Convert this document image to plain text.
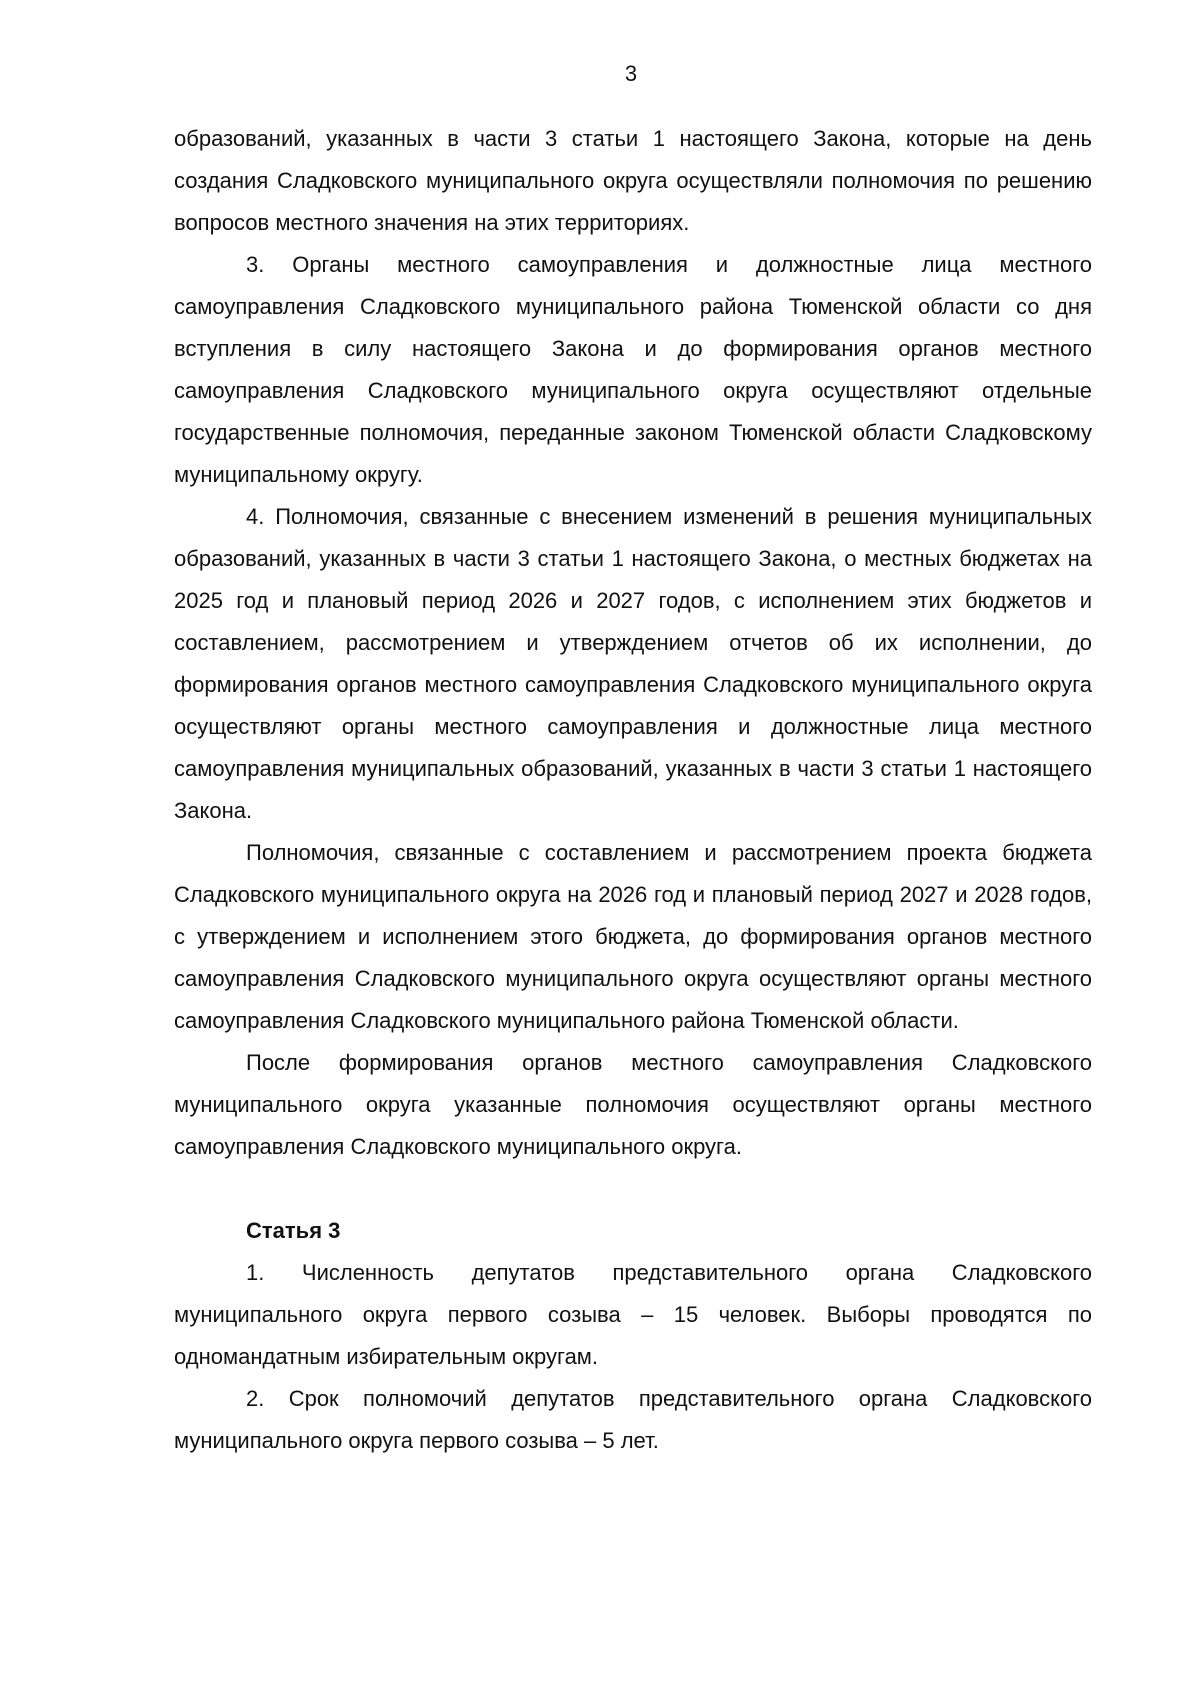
3

образований, указанных в части 3 статьи 1 настоящего Закона, которые на день создания Сладковского муниципального округа осуществляли полномочия по решению вопросов местного значения на этих территориях.

3. Органы местного самоуправления и должностные лица местного самоуправления Сладковского муниципального района Тюменской области со дня вступления в силу настоящего Закона и до формирования органов местного самоуправления Сладковского муниципального округа осуществляют отдельные государственные полномочия, переданные законом Тюменской области Сладковскому муниципальному округу.

4. Полномочия, связанные с внесением изменений в решения муниципальных образований, указанных в части 3 статьи 1 настоящего Закона, о местных бюджетах на 2025 год и плановый период 2026 и 2027 годов, с исполнением этих бюджетов и составлением, рассмотрением и утверждением отчетов об их исполнении, до формирования органов местного самоуправления Сладковского муниципального округа осуществляют органы местного самоуправления и должностные лица местного самоуправления муниципальных образований, указанных в части 3 статьи 1 настоящего Закона.

Полномочия, связанные с составлением и рассмотрением проекта бюджета Сладковского муниципального округа на 2026 год и плановый период 2027 и 2028 годов, с утверждением и исполнением этого бюджета, до формирования органов местного самоуправления Сладковского муниципального округа осуществляют органы местного самоуправления Сладковского муниципального района Тюменской области.

После формирования органов местного самоуправления Сладковского муниципального округа указанные полномочия осуществляют органы местного самоуправления Сладковского муниципального округа.

Статья 3

1. Численность депутатов представительного органа Сладковского муниципального округа первого созыва – 15 человек. Выборы проводятся по одномандатным избирательным округам.

2. Срок полномочий депутатов представительного органа Сладковского муниципального округа первого созыва – 5 лет.
